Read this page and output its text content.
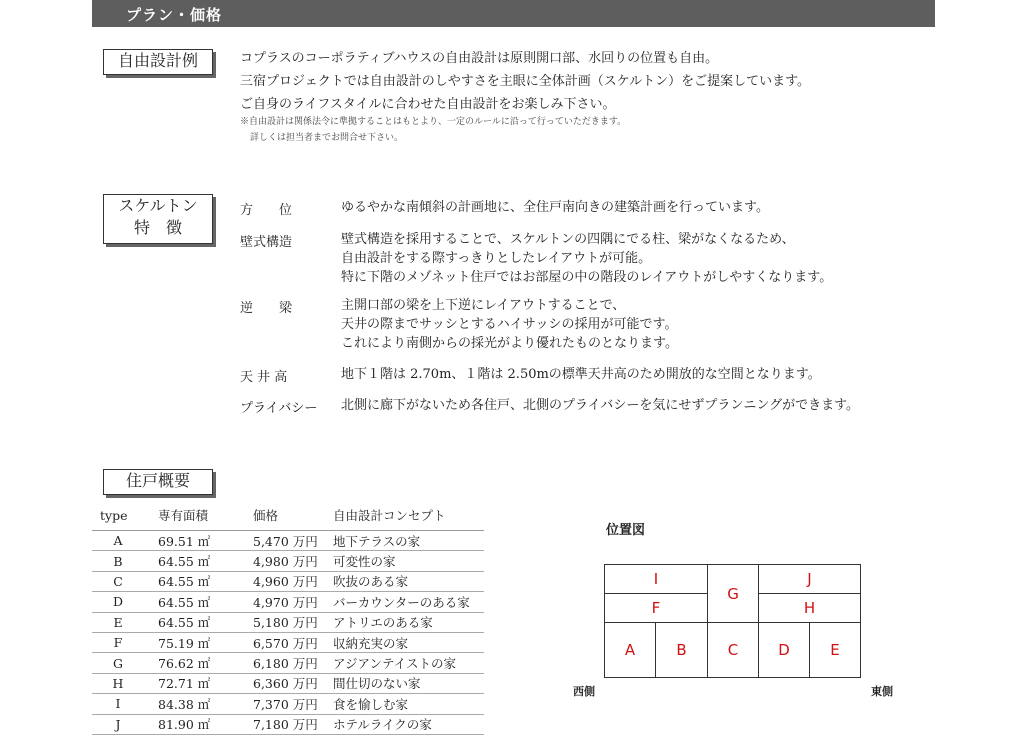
プラン・価格
自由設計例	コプラスのコーポラティブハウスの自由設計は原則開口部、水回りの位置も自由。
三宿プロジェクトでは自由設計のしやすさを主眼に全体計画（スケルトン）をご提案しています。
ご自身のライフスタイルに合わせた自由設計をお楽しみ下さい。
※自由設計は関係法令に準拠することはもとより、一定のルールに沿って行っていただきます。
詳しくは担当者までお問合せ下さい。
スケルトン
特　徴
方　　位	ゆるやかな南傾斜の計画地に、全住戸南向きの建築計画を行っています。
壁式構造	壁式構造を採用することで、スケルトンの四隅にでる柱、梁がなくなるため、
自由設計をする際すっきりとしたレイアウトが可能。
特に下階のメゾネット住戸ではお部屋の中の階段のレイアウトがしやすくなります。
逆　　梁	主開口部の梁を上下逆にレイアウトすることで、
天井の際までサッシとするハイサッシの採用が可能です。
これにより南側からの採光がより優れたものとなります。
天 井 高	地下１階は 2.70m、１階は 2.50mの標準天井高のため開放的な空間となります。
プライバシー 北側に廊下がないため各住戸、北側のプライバシーを気にせずプランニングができます。
住戸概要
type	専有面積	価格	自由設計コンセプト
A	69.51 ㎡	5,470 万円	地下テラスの家
B	64.55 ㎡	4,980 万円	可変性の家
C	64.55 ㎡	4,960 万円	吹抜のある家
D	64.55 ㎡	4,970 万円	バーカウンターのある家
E	64.55 ㎡	5,180 万円	アトリエのある家
F	75.19 ㎡	6,570 万円	収納充実の家
G	76.62 ㎡	6,180 万円	アジアンテイストの家
H	72.71 ㎡	6,360 万円	間仕切のない家
I	84.38 ㎡	7,370 万円	食を愉しむ家
J	81.90 ㎡	7,180 万円	ホテルライクの家
位置図
I
F
G
J
H
A	B	C	D	E
西側	東側
